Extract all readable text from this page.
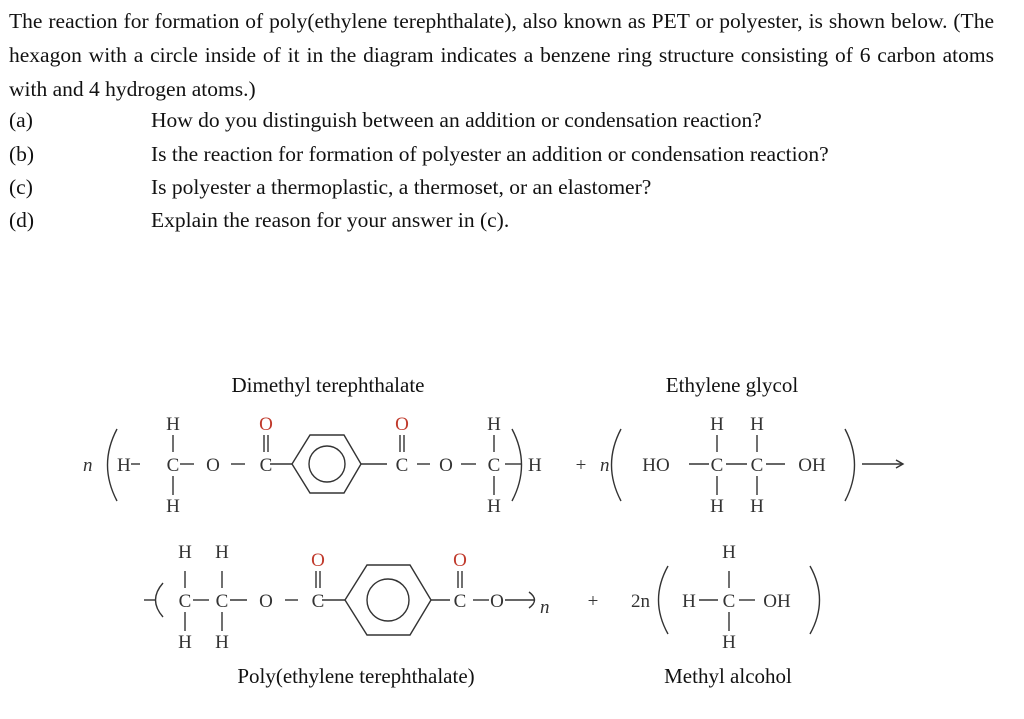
The reaction for formation of poly(ethylene terephthalate), also known as PET or polyester, is shown below. (The hexagon with a circle inside of it in the diagram indicates a benzene ring structure consisting of 6 carbon atoms with and 4 hydrogen atoms.)

(a)	How do you distinguish between an addition or condensation reaction?
(b)	Is the reaction for formation of polyester an addition or condensation reaction?
(c)	Is polyester a thermoplastic, a thermoset, or an elastomer?
(d)	Explain the reason for your answer in (c).
Dimethyl terephthalate	Ethylene glycol
Poly(ethylene terephthalate)	Methyl alcohol
n H
H
C
H
O C
O
C
O
O C
H
H
H + n HO C
H
H
C
H
H
OH
H H
C C
H H
O C
O
C
O
O n + 2n H C
H
H
OH
